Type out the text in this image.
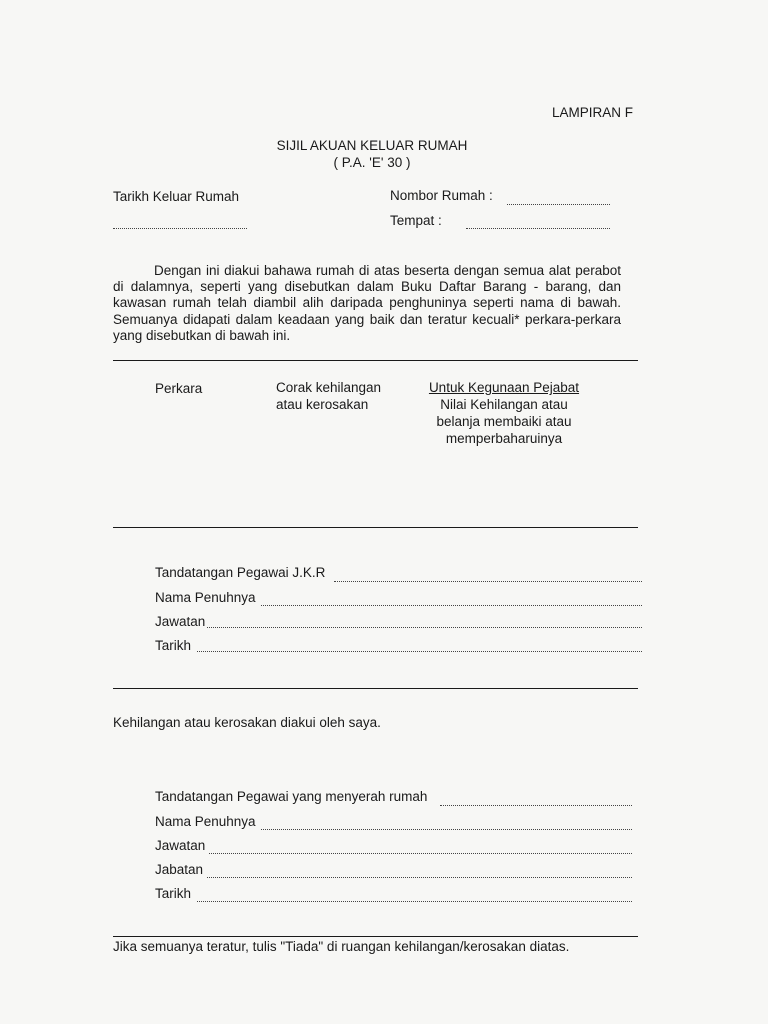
LAMPIRAN F
SIJIL AKUAN KELUAR RUMAH
( P.A. 'E' 30 )
Tarikh Keluar Rumah	Nombor Rumah :
Tempat :

Dengan ini diakui bahawa rumah di atas beserta dengan semua alat perabot di dalamnya, seperti yang disebutkan dalam Buku Daftar Barang - barang, dan kawasan rumah telah diambil alih daripada penghuninya seperti nama di bawah. Semuanya didapati dalam keadaan yang baik dan teratur kecuali* perkara-perkara yang disebutkan di bawah ini.

Perkara	Corak kehilangan
atau kerosakan
Untuk Kegunaan Pejabat
Nilai Kehilangan atau
belanja membaiki atau
memperbaharuinya
Tandatangan Pegawai J.K.R
Nama Penuhnya
Jawatan
Tarikh
Kehilangan atau kerosakan diakui oleh saya.
Tandatangan Pegawai yang menyerah rumah
Nama Penuhnya
Jawatan
Jabatan
Tarikh
Jika semuanya teratur, tulis "Tiada" di ruangan kehilangan/kerosakan diatas.
